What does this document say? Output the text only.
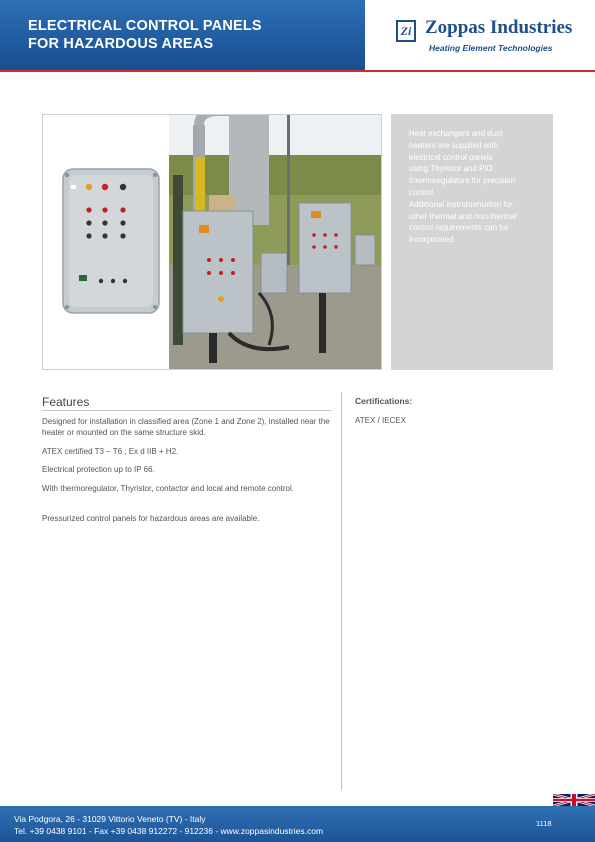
ELECTRICAL CONTROL PANELS
FOR HAZARDOUS AREAS
Zi Zoppas Industries
Heating Element Technologies
Heat exchangers and duct
heaters are supplied with
electrical control panels
using Thyristor and PID
thermoregulators for precision
control.
Additional instrumentation for
other thermal and non-thermal
control requirements can be
incorporated.
Features
Designed for installation in classified area (Zone 1 and Zone 2), installed near the heater or mounted on the same structure skid.
ATEX certified T3 – T6 , Ex d IIB + H2.
Electrical protection up to IP 66.
With thermoregulator, Thyristor, contactor and local and remote control.
Pressurized control panels for hazardous areas are available.
Certifications:
ATEX / IECEX
Via Podgora, 26 - 31029 Vittorio Veneto (TV) - Italy
Tel. +39 0438 9101 - Fax +39 0438 912272 - 912236 - www.zoppasindustries.com
1118
